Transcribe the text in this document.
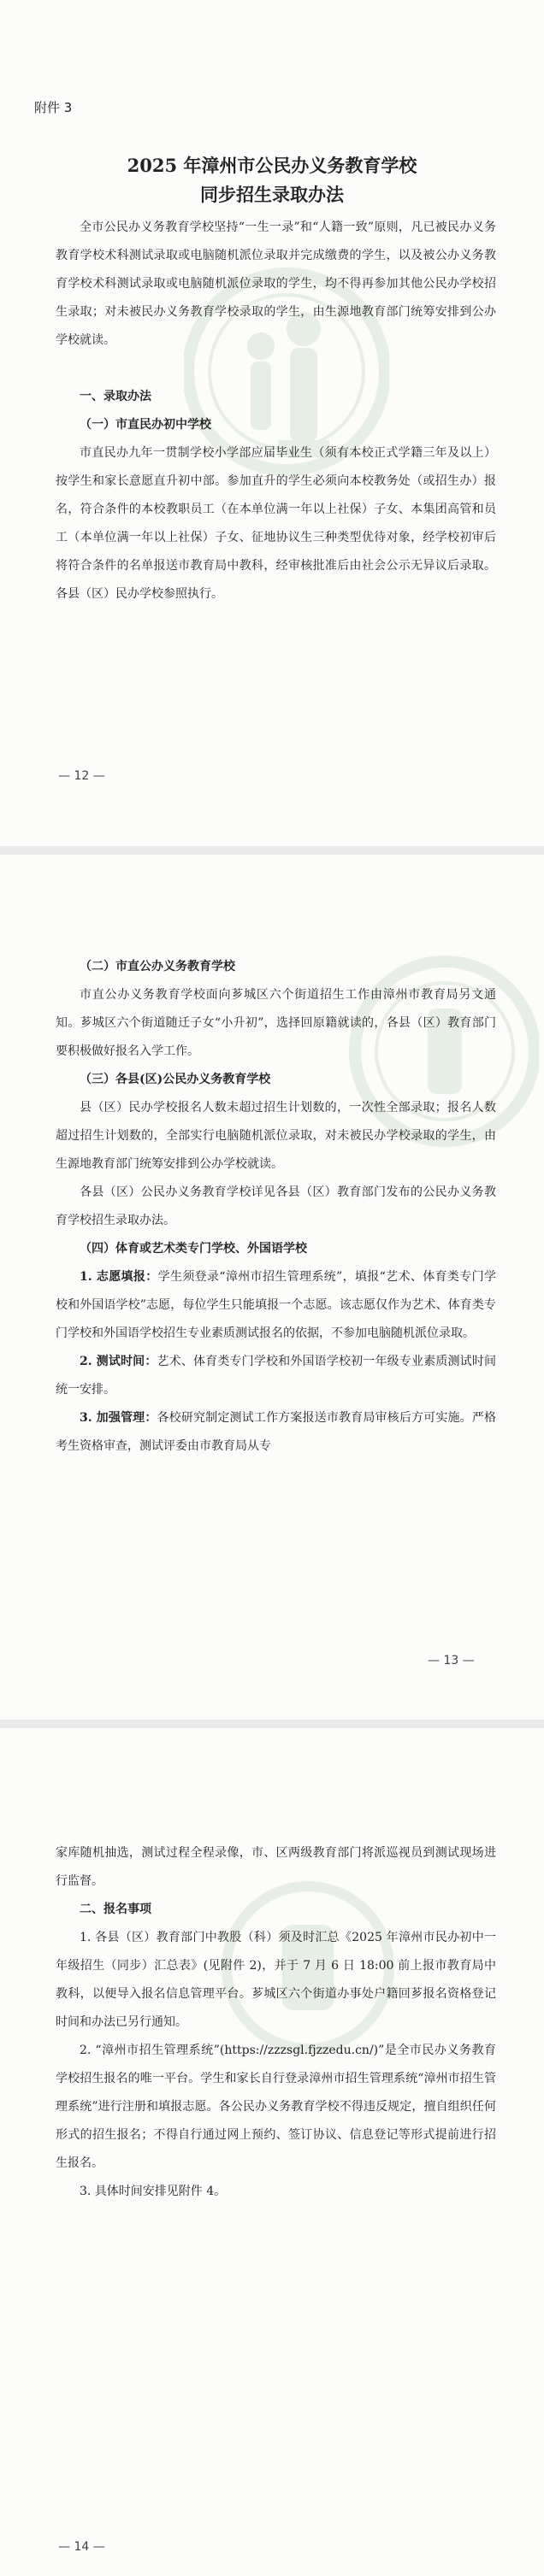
附件 3
2025 年漳州市公民办义务教育学校
同步招生录取办法

全市公民办义务教育学校坚持“一生一录”和“人籍一致”原则，凡已被民办义务教育学校术科测试录取或电脑随机派位录取并完成缴费的学生，以及被公办义务教育学校术科测试录取或电脑随机派位录取的学生，均不得再参加其他公民办学校招生录取；对未被民办义务教育学校录取的学生，由生源地教育部门统筹安排到公办学校就读。

一、录取办法

（一）市直民办初中学校

市直民办九年一贯制学校小学部应届毕业生（须有本校正式学籍三年及以上）按学生和家长意愿直升初中部。参加直升的学生必须向本校教务处（或招生办）报名，符合条件的本校教职员工（在本单位满一年以上社保）子女、本集团高管和员工（本单位满一年以上社保）子女、征地协议生三种类型优待对象，经学校初审后将符合条件的名单报送市教育局中教科，经审核批准后由社会公示无异议后录取。各县（区）民办学校参照执行。

— 12 —

（二）市直公办义务教育学校

市直公办义务教育学校面向芗城区六个街道招生工作由漳州市教育局另文通知。芗城区六个街道随迁子女“小升初”，选择回原籍就读的，各县（区）教育部门要积极做好报名入学工作。

（三）各县(区)公民办义务教育学校

县（区）民办学校报名人数未超过招生计划数的，一次性全部录取；报名人数超过招生计划数的，全部实行电脑随机派位录取，对未被民办学校录取的学生，由生源地教育部门统筹安排到公办学校就读。

各县（区）公民办义务教育学校详见各县（区）教育部门发布的公民办义务教育学校招生录取办法。

（四）体育或艺术类专门学校、外国语学校

1. 志愿填报：学生须登录“漳州市招生管理系统”，填报“艺术、体育类专门学校和外国语学校”志愿，每位学生只能填报一个志愿。该志愿仅作为艺术、体育类专门学校和外国语学校招生专业素质测试报名的依据，不参加电脑随机派位录取。

2. 测试时间：艺术、体育类专门学校和外国语学校初一年级专业素质测试时间统一安排。

3. 加强管理：各校研究制定测试工作方案报送市教育局审核后方可实施。严格考生资格审查，测试评委由市教育局从专

— 13 —

家库随机抽选，测试过程全程录像，市、区两级教育部门将派巡视员到测试现场进行监督。

二、报名事项

1. 各县（区）教育部门中教股（科）须及时汇总《2025 年漳州市民办初中一年级招生（同步）汇总表》(见附件 2)，并于 7 月 6 日 18:00 前上报市教育局中教科，以便导入报名信息管理平台。芗城区六个街道办事处户籍回芗报名资格登记时间和办法已另行通知。

2. “漳州市招生管理系统”(https://zzzsgl.fjzzedu.cn/)”是全市民办义务教育学校招生报名的唯一平台。学生和家长自行登录漳州市招生管理系统“漳州市招生管理系统”进行注册和填报志愿。各公民办义务教育学校不得违反规定，擅自组织任何形式的招生报名；不得自行通过网上预约、签订协议、信息登记等形式提前进行招生报名。

3. 具体时间安排见附件 4。

— 14 —
